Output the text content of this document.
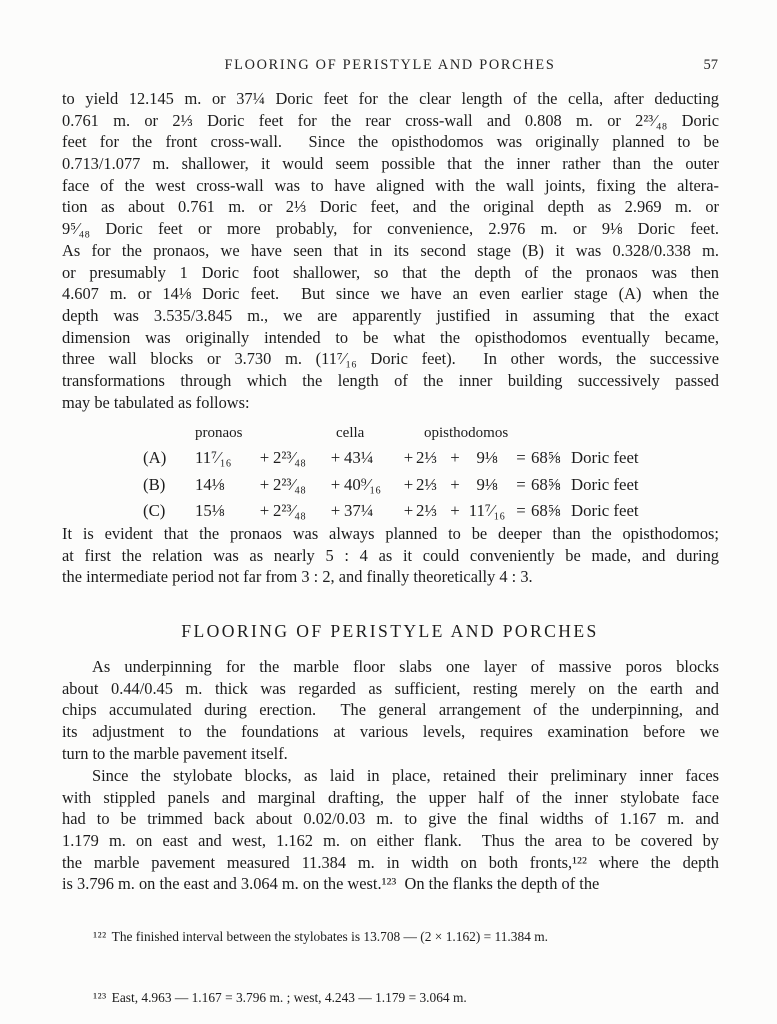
FLOORING OF PERISTYLE AND PORCHES	57
to yield 12.145 m. or 37¼ Doric feet for the clear length of the cella, after deducting
0.761 m. or 2⅓ Doric feet for the rear cross-wall and 0.808 m. or 2²³⁄₄₈ Doric
feet for the front cross-wall.  Since the opisthodomos was originally planned to be
0.713/1.077 m. shallower, it would seem possible that the inner rather than the outer
face of the west cross-wall was to have aligned with the wall joints, fixing the altera-
tion as about 0.761 m. or 2⅓ Doric feet, and the original depth as 2.969 m. or
9⁵⁄₄₈ Doric feet or more probably, for convenience, 2.976 m. or 9⅛ Doric feet.
As for the pronaos, we have seen that in its second stage (B) it was 0.328/0.338 m.
or presumably 1 Doric foot shallower, so that the depth of the pronaos was then
4.607 m. or 14⅛ Doric feet.  But since we have an even earlier stage (A) when the
depth was 3.535/3.845 m., we are apparently justified in assuming that the exact
dimension was originally intended to be what the opisthodomos eventually became,
three wall blocks or 3.730 m. (11⁷⁄₁₆ Doric feet).  In other words, the successive
transformations through which the length of the inner building successively passed
may be tabulated as follows:
pronaos	cella	opisthodomos
(A)	11⁷⁄₁₆	+ 2²³⁄₄₈	+ 43¼	+ 2⅓ + 9⅛	= 68⅝ Doric feet
(B)	14⅛	+ 2²³⁄₄₈	+ 40⁹⁄₁₆	+ 2⅓ + 9⅛	= 68⅝ Doric feet
(C)	15⅛	+ 2²³⁄₄₈	+ 37¼	+ 2⅓ + 11⁷⁄₁₆ = 68⅝ Doric feet
It is evident that the pronaos was always planned to be deeper than the opisthodomos;
at first the relation was as nearly 5 : 4 as it could conveniently be made, and during
the intermediate period not far from 3 : 2, and finally theoretically 4 : 3.
FLOORING OF PERISTYLE AND PORCHES
As underpinning for the marble floor slabs one layer of massive poros blocks
about 0.44/0.45 m. thick was regarded as sufficient, resting merely on the earth and
chips accumulated during erection.  The general arrangement of the underpinning, and
its adjustment to the foundations at various levels, requires examination before we
turn to the marble pavement itself.
Since the stylobate blocks, as laid in place, retained their preliminary inner faces
with stippled panels and marginal drafting, the upper half of the inner stylobate face
had to be trimmed back about 0.02/0.03 m. to give the final widths of 1.167 m. and
1.179 m. on east and west, 1.162 m. on either flank.  Thus the area to be covered by
the marble pavement measured 11.384 m. in width on both fronts,¹²² where the depth
is 3.796 m. on the east and 3.064 m. on the west.¹²³  On the flanks the depth of the

¹²² The finished interval between the stylobates is 13.708 — (2 × 1.162) = 11.384 m.

¹²³ East, 4.963 — 1.167 = 3.796 m. ; west, 4.243 — 1.179 = 3.064 m.
